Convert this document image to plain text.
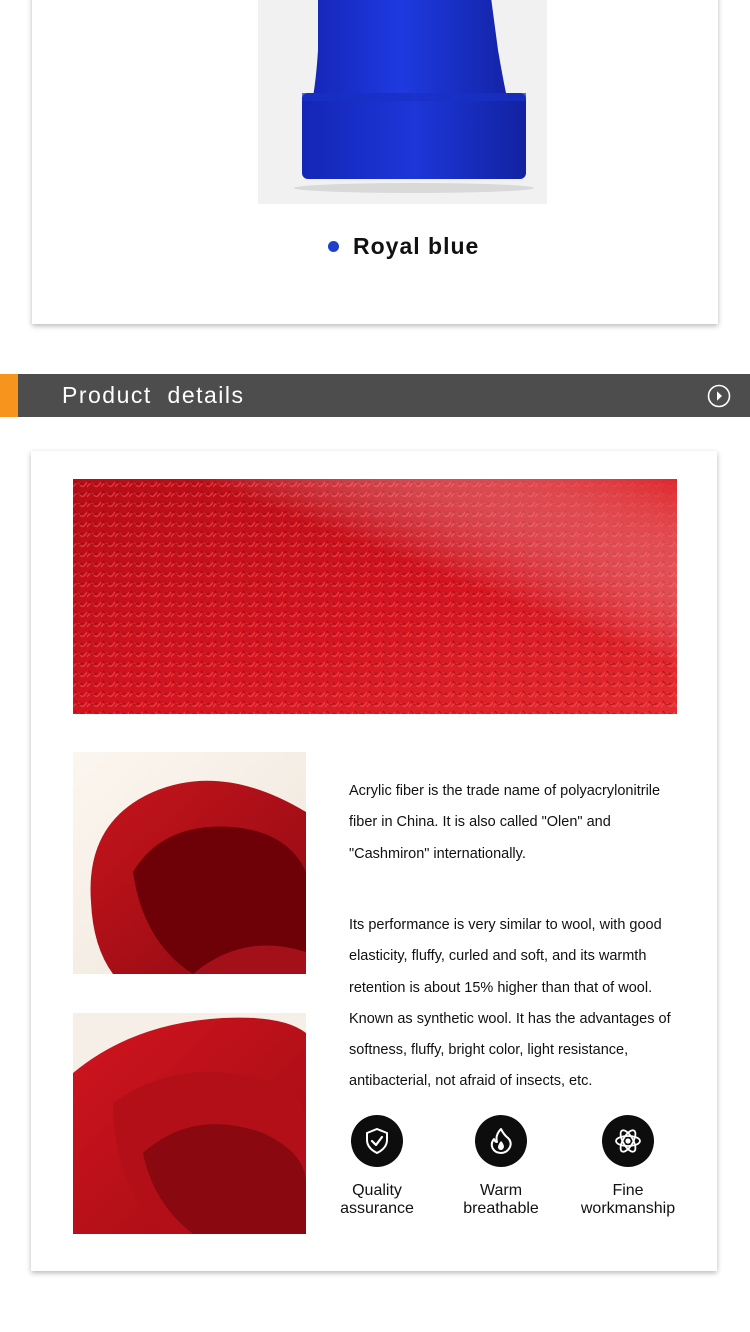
Royal blue
Product  details

Acrylic fiber is the trade name of polyacrylonitrile fiber in China. It is also called "Olen" and "Cashmiron" internationally.

Its performance is very similar to wool, with good elasticity, fluffy, curled and soft, and its warmth retention is about 15% higher than that of wool. Known as synthetic wool. It has the advantages of softness, fluffy, bright color, light resistance, antibacterial, not afraid of insects, etc.

Quality
assurance
Warm
breathable
Fine
workmanship
